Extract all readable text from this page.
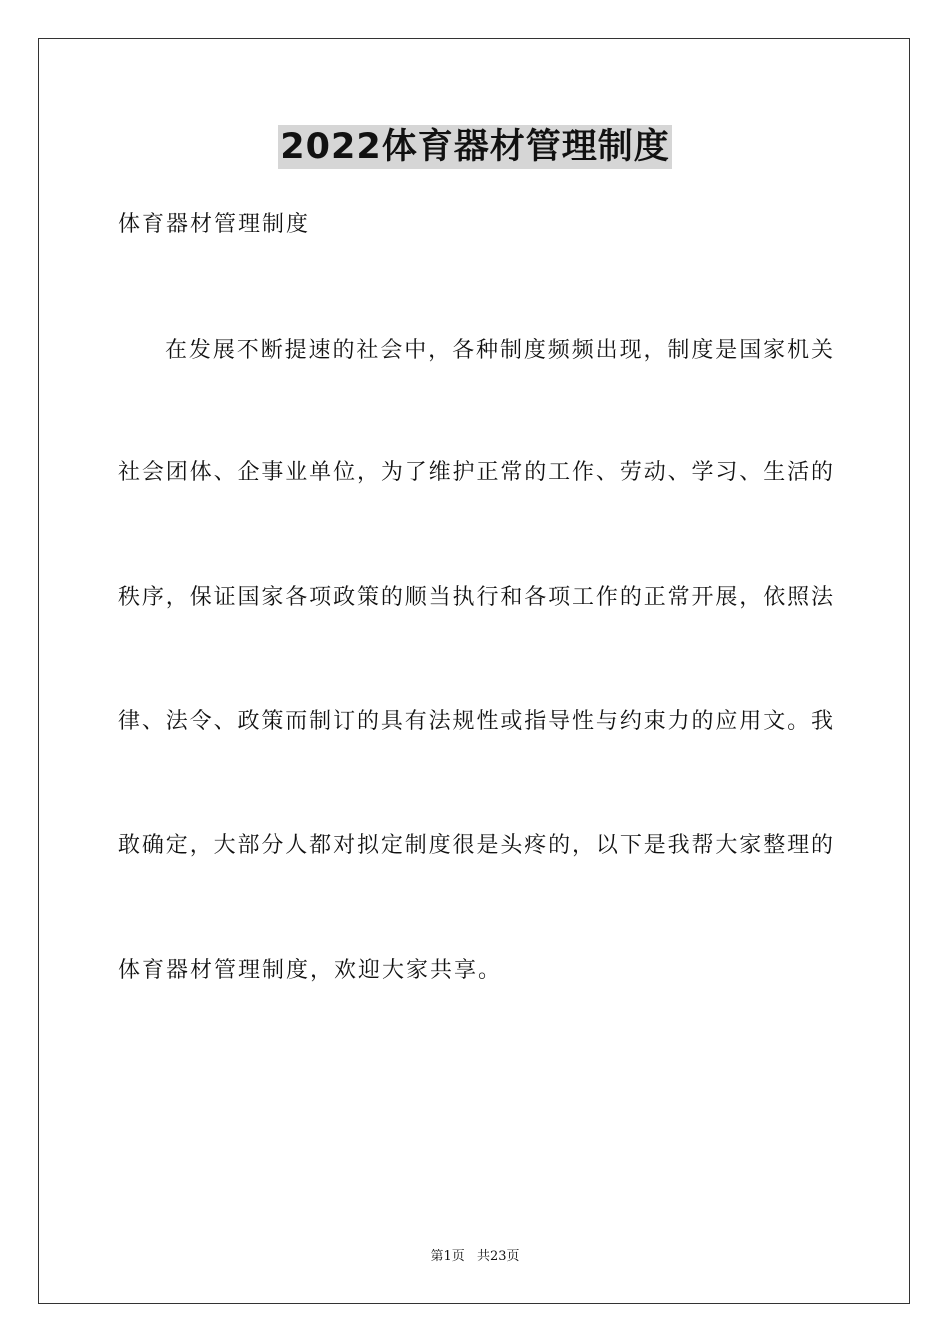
2022体育器材管理制度
体育器材管理制度
在发展不断提速的社会中，各种制度频频出现，制度是国家机关
社会团体、企事业单位，为了维护正常的工作、劳动、学习、生活的
秩序，保证国家各项政策的顺当执行和各项工作的正常开展，依照法
律、法令、政策而制订的具有法规性或指导性与约束力的应用文。我
敢确定，大部分人都对拟定制度很是头疼的，以下是我帮大家整理的
体育器材管理制度，欢迎大家共享。
第1页 共23页
